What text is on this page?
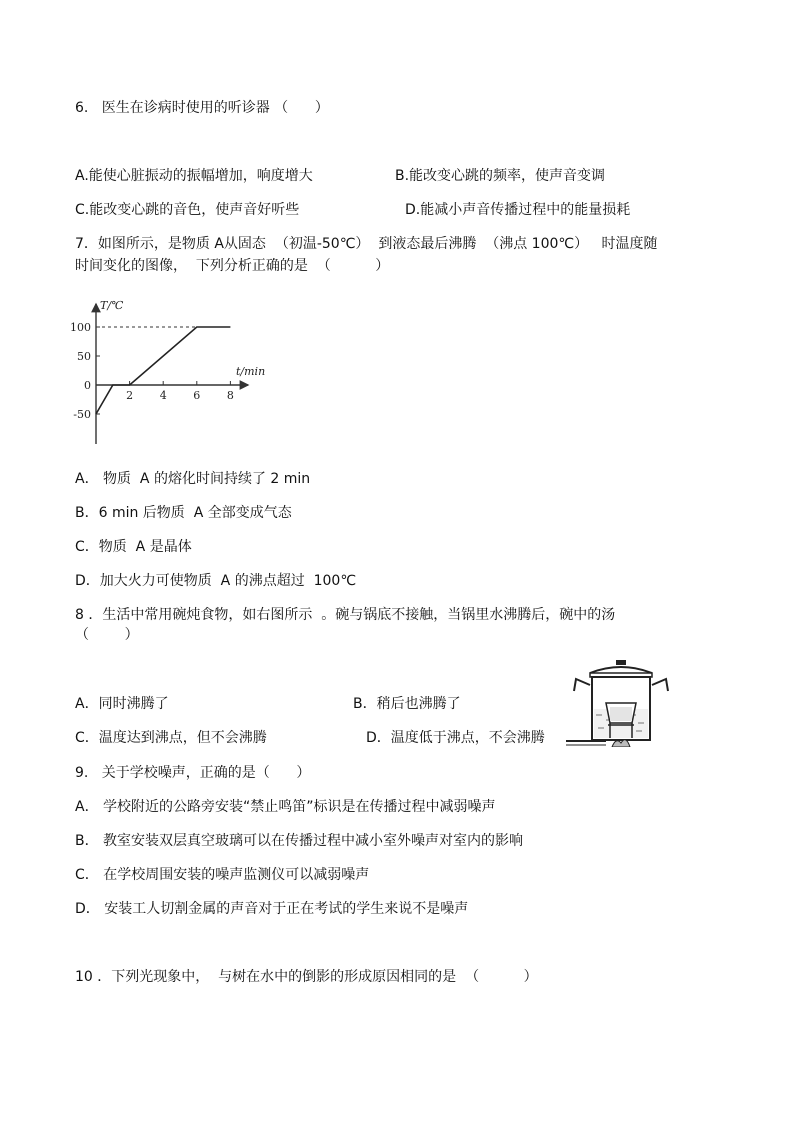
6.   医生在诊病时使用的听诊器 （      ）
A.能使心脏振动的振幅增加，响度增大	B.能改变心跳的频率，使声音变调
C.能改变心跳的音色，使声音好听些	D.能减小声音传播过程中的能量损耗
7．如图所示，是物质 A从固态  （初温-50℃）  到液态最后沸腾  （沸点 100℃）   时温度随
时间变化的图像，  下列分析正确的是  （          ）
T/℃
t/min
2 4 6 8
100
50
0
-50
A． 物质  A 的熔化时间持续了 2 min
B．6 min 后物质  A 全部变成气态
C．物质  A 是晶体
D．加大火力可使物质  A 的沸点超过  100℃
8 ．生活中常用碗炖食物，如右图所示  。碗与锅底不接触，当锅里水沸腾后，碗中的汤
（        ）
A．同时沸腾了	B．稍后也沸腾了
C．温度达到沸点，但不会沸腾	D．温度低于沸点，不会沸腾
9.   关于学校噪声，正确的是（      ）
A． 学校附近的公路旁安装“禁止鸣笛”标识是在传播过程中减弱噪声
B． 教室安装双层真空玻璃可以在传播过程中减小室外噪声对室内的影响
C． 在学校周围安装的噪声监测仪可以减弱噪声
D． 安装工人切割金属的声音对于正在考试的学生来说不是噪声
10 ．下列光现象中，  与树在水中的倒影的形成原因相同的是  （          ）
